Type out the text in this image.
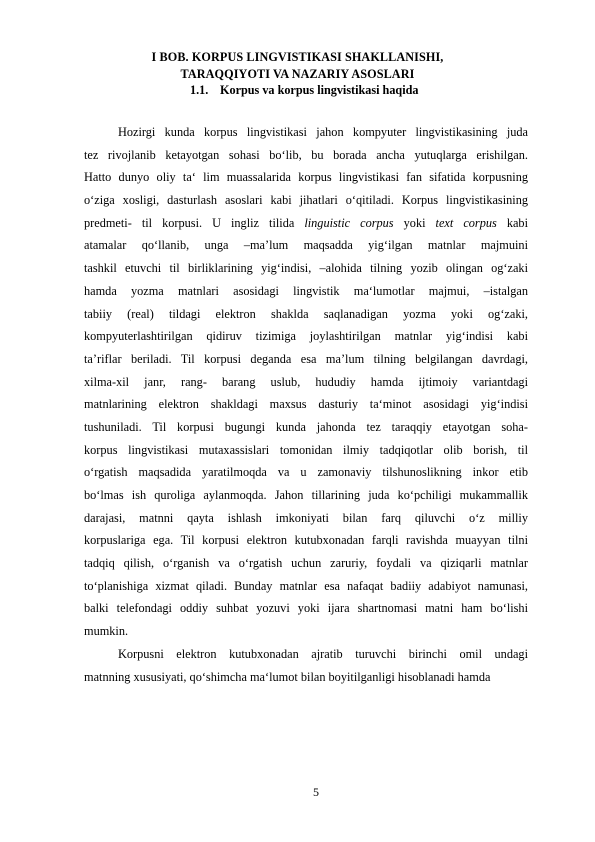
I BOB. KORPUS LINGVISTIKASI SHAKLLANISHI,
TARAQQIYOTI VA NAZARIY ASOSLARI
1.1. Korpus va korpus lingvistikasi haqida
Hozirgi kunda korpus lingvistikasi jahon kompyuter lingvistikasining juda
tez rivojlanib ketayotgan sohasi bo‘lib, bu borada ancha yutuqlarga erishilgan.
Hatto dunyo oliy ta‘ lim muassalarida korpus lingvistikasi fan sifatida korpusning
o‘ziga xosligi, dasturlash asoslari kabi jihatlari o‘qitiladi. Korpus lingvistikasining
predmeti- til korpusi. U ingliz tilida linguistic corpus yoki text corpus kabi
atamalar qo‘llanib, unga –ma’lum maqsadda yig‘ilgan matnlar majmuini
tashkil etuvchi til birliklarining yig‘indisi, –alohida tilning yozib olingan og‘zaki
hamda yozma matnlari asosidagi lingvistik ma‘lumotlar majmui, –istalgan
tabiiy (real) tildagi elektron shaklda saqlanadigan yozma yoki og‘zaki,
kompyuterlashtirilgan qidiruv tizimiga joylashtirilgan matnlar yig‘indisi kabi
ta’riflar beriladi. Til korpusi deganda esa ma’lum tilning belgilangan davrdagi,
xilma-xil janr, rang- barang uslub, hududiy hamda ijtimoiy variantdagi
matnlarining elektron shakldagi maxsus dasturiy ta‘minot asosidagi yig‘indisi
tushuniladi. Til korpusi bugungi kunda jahonda tez taraqqiy etayotgan soha-
korpus lingvistikasi mutaxassislari tomonidan ilmiy tadqiqotlar olib borish, til
o‘rgatish maqsadida yaratilmoqda va u zamonaviy tilshunoslikning inkor etib
bo‘lmas ish quroliga aylanmoqda. Jahon tillarining juda ko‘pchiligi mukammallik
darajasi, matnni qayta ishlash imkoniyati bilan farq qiluvchi o‘z milliy
korpuslariga ega. Til korpusi elektron kutubxonadan farqli ravishda muayyan tilni
tadqiq qilish, o‘rganish va o‘rgatish uchun zaruriy, foydali va qiziqarli matnlar
to‘planishiga xizmat qiladi. Bunday matnlar esa nafaqat badiiy adabiyot namunasi,
balki telefondagi oddiy suhbat yozuvi yoki ijara shartnomasi matni ham bo‘lishi
mumkin.
Korpusni elektron kutubxonadan ajratib turuvchi birinchi omil undagi
matnning xususiyati, qo‘shimcha ma‘lumot bilan boyitilganligi hisoblanadi hamda
5
